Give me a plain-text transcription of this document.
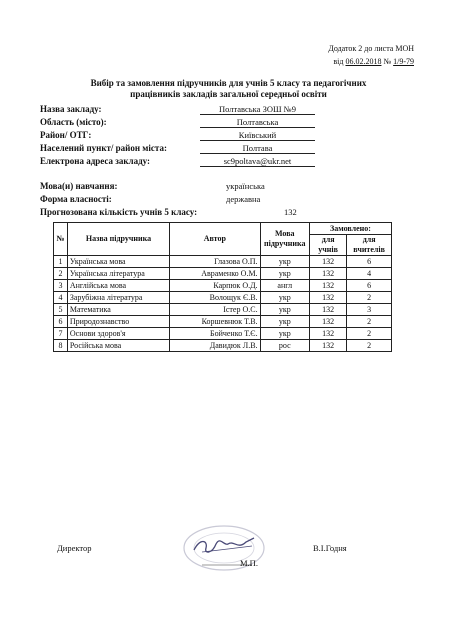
Додаток 2 до листа МОН
від 06.02.2018 № 1/9-79
Вибір та замовлення підручників для учнів 5 класу та педагогічних
працівників закладів загальної середньої освіти
Назва закладу:	Полтавська ЗОШ №9
Область (місто):	Полтавська
Район/ ОТГ:	Київський
Населений пункт/ район міста:	Полтава
Електрона адреса закладу:	sc9poltava@ukr.net
Мова(и) навчання:	українська
Форма власності:	державна
Прогнозована кількість учнів 5 класу:	132
№	Назва підручника	Автор	Мова підручника	Замовлено:	
				для учнів	для вчителів
1	Українська мова	Глазова О.П.	укр	132	6
2	Українська література	Авраменко О.М.	укр	132	4
3	Англійська мова	Карпюк О.Д.	англ	132	6
4	Зарубіжна література	Волощук Є.В.	укр	132	2
5	Математика	Істер О.С.	укр	132	3
6	Природознавство	Коршевнюк Т.В.	укр	132	2
7	Основи здоров'я	Бойченко Т.Є.	укр	132	2
8	Російська мова	Давидюк Л.В.	рос	132	2
Директор
М.П.
В.І.Годня
